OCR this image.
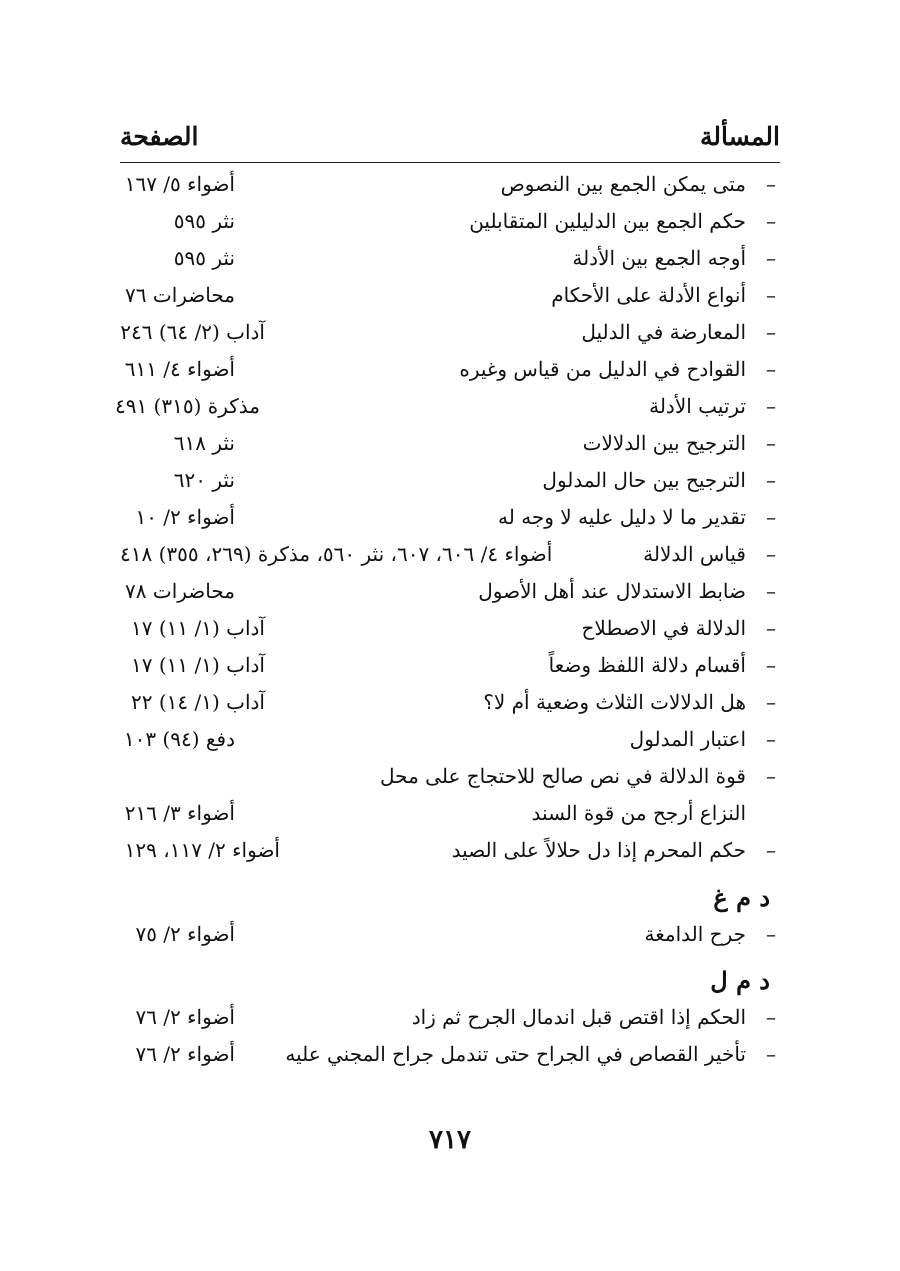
المسألة
الصفحة
–
متى يمكن الجمع بين النصوص
أضواء ٥/ ١٦٧
–
حكم الجمع بين الدليلين المتقابلين
نثر ٥٩٥
–
أوجه الجمع بين الأدلة
نثر ٥٩٥
–
أنواع الأدلة على الأحكام
محاضرات ٧٦
–
المعارضة في الدليل
آداب (٢/ ٦٤) ٢٤٦
–
القوادح في الدليل من قياس وغيره
أضواء ٤/ ٦١١
–
ترتيب الأدلة
مذكرة (٣١٥) ٤٩١
–
الترجيح بين الدلالات
نثر ٦١٨
–
الترجيح بين حال المدلول
نثر ٦٢٠
–
تقدير ما لا دليل عليه لا وجه له
أضواء ٢/ ١٠
–
قياس الدلالة
أضواء ٤/ ٦٠٦، ٦٠٧، نثر ٥٦٠، مذكرة (٢٦٩، ٣٥٥) ٤١٨
–
ضابط الاستدلال عند أهل الأصول
محاضرات ٧٨
–
الدلالة في الاصطلاح
آداب (١/ ١١) ١٧
–
أقسام دلالة اللفظ وضعاً
آداب (١/ ١١) ١٧
–
هل الدلالات الثلاث وضعية أم لا؟
آداب (١/ ١٤) ٢٢
–
اعتبار المدلول
دفع (٩٤) ١٠٣
–
قوة الدلالة في نص صالح للاحتجاج على محل
النزاع أرجح من قوة السند
أضواء ٣/ ٢١٦
–
حكم المحرم إذا دل حلالاً على الصيد
أضواء ٢/ ١١٧، ١٢٩
د م غ
–
جرح الدامغة
أضواء ٢/ ٧٥
د م ل
–
الحكم إذا اقتص قبل اندمال الجرح ثم زاد
أضواء ٢/ ٧٦
–
تأخير القصاص في الجراح حتى تندمل جراح المجني عليه
أضواء ٢/ ٧٦
٧١٧
